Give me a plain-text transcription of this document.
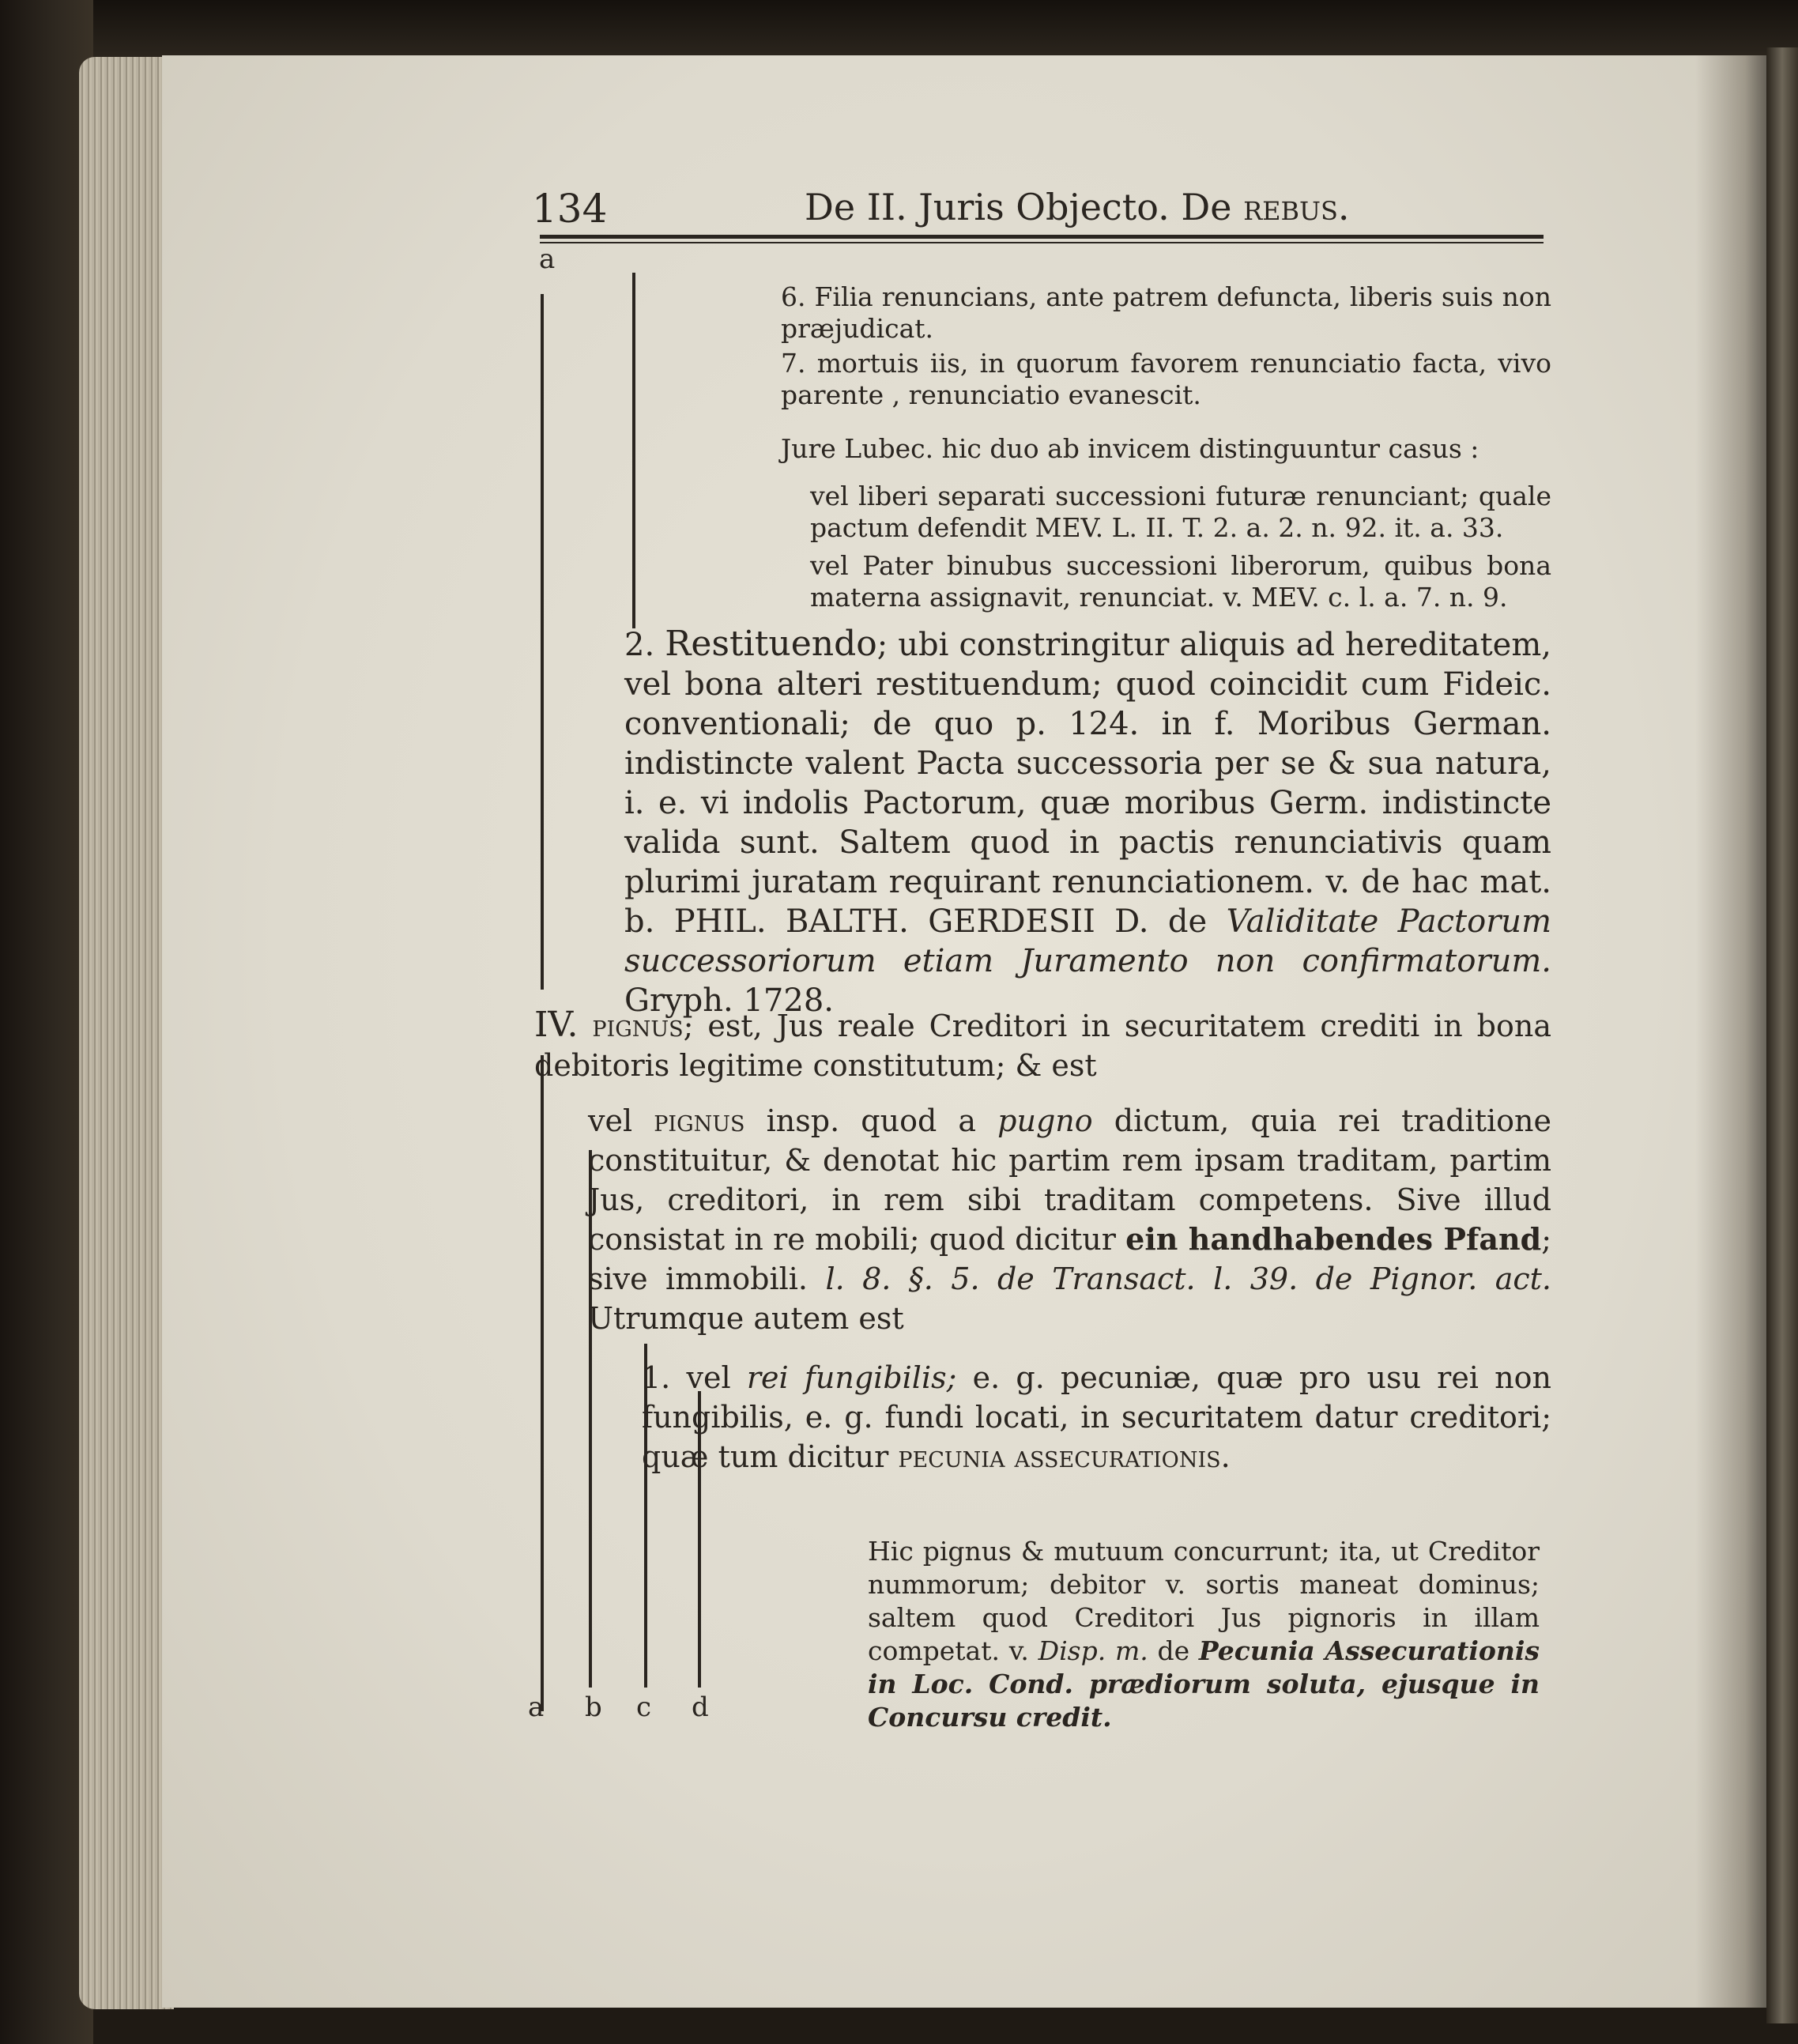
134	De II. Juris Objecto. De rebus.
a
a b c d

6. Filia renuncians, ante patrem defuncta, liberis suis non præjudicat.

7. mortuis iis, in quorum favorem renunciatio facta, vivo parente , renunciatio evanescit.

Jure Lubec. hic duo ab invicem distinguuntur casus :

vel liberi separati successioni futuræ renunciant; quale pactum defendit MEV. L. II. T. 2. a. 2. n. 92. it. a. 33.

vel Pater binubus successioni liberorum, quibus bona materna assignavit, renunciat. v. MEV. c. l. a. 7. n. 9.

2. Restituendo; ubi constringitur aliquis ad hereditatem, vel bona alteri restituendum; quod coincidit cum Fideic. conventionali; de quo p. 124. in f. Moribus German. indistincte valent Pacta successoria per se & sua natura, i. e. vi indolis Pactorum, quæ moribus Germ. indistincte valida sunt. Saltem quod in pactis renunciativis quam plurimi juratam requirant renunciationem. v. de hac mat. b. PHIL. BALTH. GERDESII D. de Validitate Pactorum successoriorum etiam Juramento non confirmatorum. Gryph. 1728.

IV. pignus; est, Jus reale Creditori in securitatem crediti in bona debitoris legitime constitutum; & est

vel pignus insp. quod a pugno dictum, quia rei traditione constituitur, & denotat hic partim rem ipsam traditam, partim Jus, creditori, in rem sibi traditam competens. Sive illud consistat in re mobili; quod dicitur ein handhabendes Pfand; sive immobili. l. 8. §. 5. de Transact. l. 39. de Pignor. act. Utrumque autem est

1. vel rei fungibilis; e. g. pecuniæ, quæ pro usu rei non fungibilis, e. g. fundi locati, in securitatem datur creditori; quæ tum dicitur pecunia assecurationis.

Hic pignus & mutuum concurrunt; ita, ut Creditor nummorum; debitor v. sortis maneat dominus; saltem quod Creditori Jus pignoris in illam competat. v. Disp. m. de Pecunia Assecurationis in Loc. Cond. prædiorum soluta, ejusque in Concursu credit.
